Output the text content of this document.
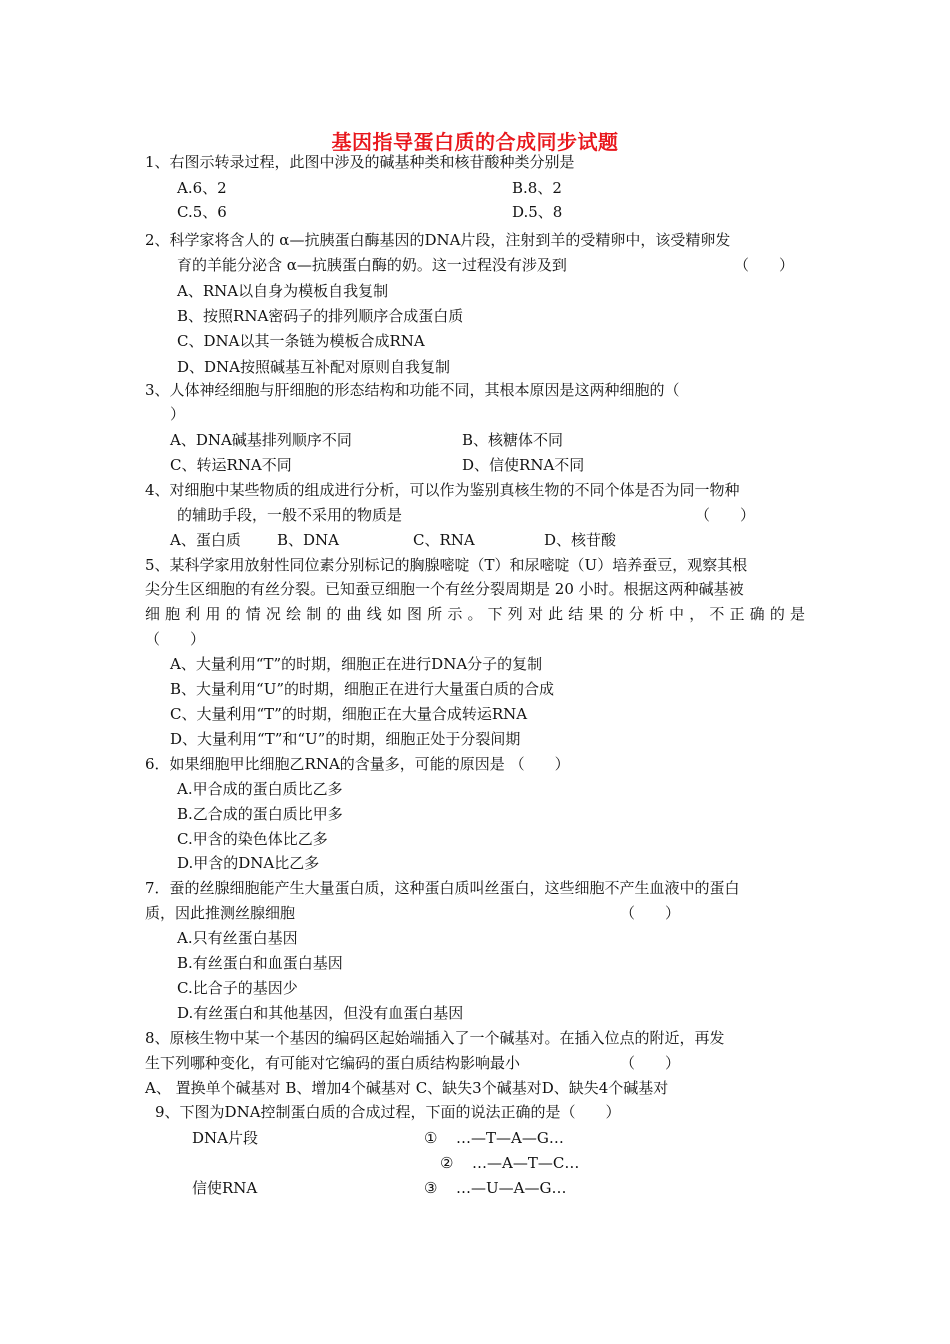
基因指导蛋白质的合成同步试题
1、右图示转录过程，此图中涉及的碱基种类和核苷酸种类分别是
A.6、2	B.8、2
C.5、6	D.5、8
2、科学家将含人的 α—抗胰蛋白酶基因的DNA片段，注射到羊的受精卵中，该受精卵发
育的羊能分泌含 α—抗胰蛋白酶的奶。这一过程没有涉及到	（　　）
A、RNA以自身为模板自我复制
B、按照RNA密码子的排列顺序合成蛋白质
C、DNA以其一条链为模板合成RNA
D、DNA按照碱基互补配对原则自我复制
3、人体神经细胞与肝细胞的形态结构和功能不同，其根本原因是这两种细胞的（
）
A、DNA碱基排列顺序不同	B、核糖体不同
C、转运RNA不同	D、信使RNA不同
4、对细胞中某些物质的组成进行分析，可以作为鉴别真核生物的不同个体是否为同一物种
的辅助手段，一般不采用的物质是	（　　）
A、蛋白质 B、DNA	C、RNA	D、核苷酸
5、某科学家用放射性同位素分别标记的胸腺嘧啶（T）和尿嘧啶（U）培养蚕豆，观察其根
尖分生区细胞的有丝分裂。已知蚕豆细胞一个有丝分裂周期是 20 小时。根据这两种碱基被
细胞利用的情况绘制的曲线如图所示。下列对此结果的分析中，不正确的是
（　　）
A、大量利用“T”的时期，细胞正在进行DNA分子的复制
B、大量利用“U”的时期，细胞正在进行大量蛋白质的合成
C、大量利用“T”的时期，细胞正在大量合成转运RNA
D、大量利用“T”和“U”的时期，细胞正处于分裂间期
6．如果细胞甲比细胞乙RNA的含量多，可能的原因是 （　　）
A.甲合成的蛋白质比乙多
B.乙合成的蛋白质比甲多
C.甲含的染色体比乙多
D.甲含的DNA比乙多
7．蚕的丝腺细胞能产生大量蛋白质，这种蛋白质叫丝蛋白，这些细胞不产生血液中的蛋白
质，因此推测丝腺细胞	（　　）
A.只有丝蛋白基因
B.有丝蛋白和血蛋白基因
C.比合子的基因少
D.有丝蛋白和其他基因，但没有血蛋白基因
8、原核生物中某一个基因的编码区起始端插入了一个碱基对。在插入位点的附近，再发
生下列哪种变化，有可能对它编码的蛋白质结构影响最小	（　　）
A、 置换单个碱基对 B、增加4个碱基对 C、缺失3个碱基对D、缺失4个碱基对
9、下图为DNA控制蛋白质的合成过程，下面的说法正确的是（　　）
DNA片段	① …—T—A—G…
② …—A—T—C…
信使RNA	③ …—U—A—G…
